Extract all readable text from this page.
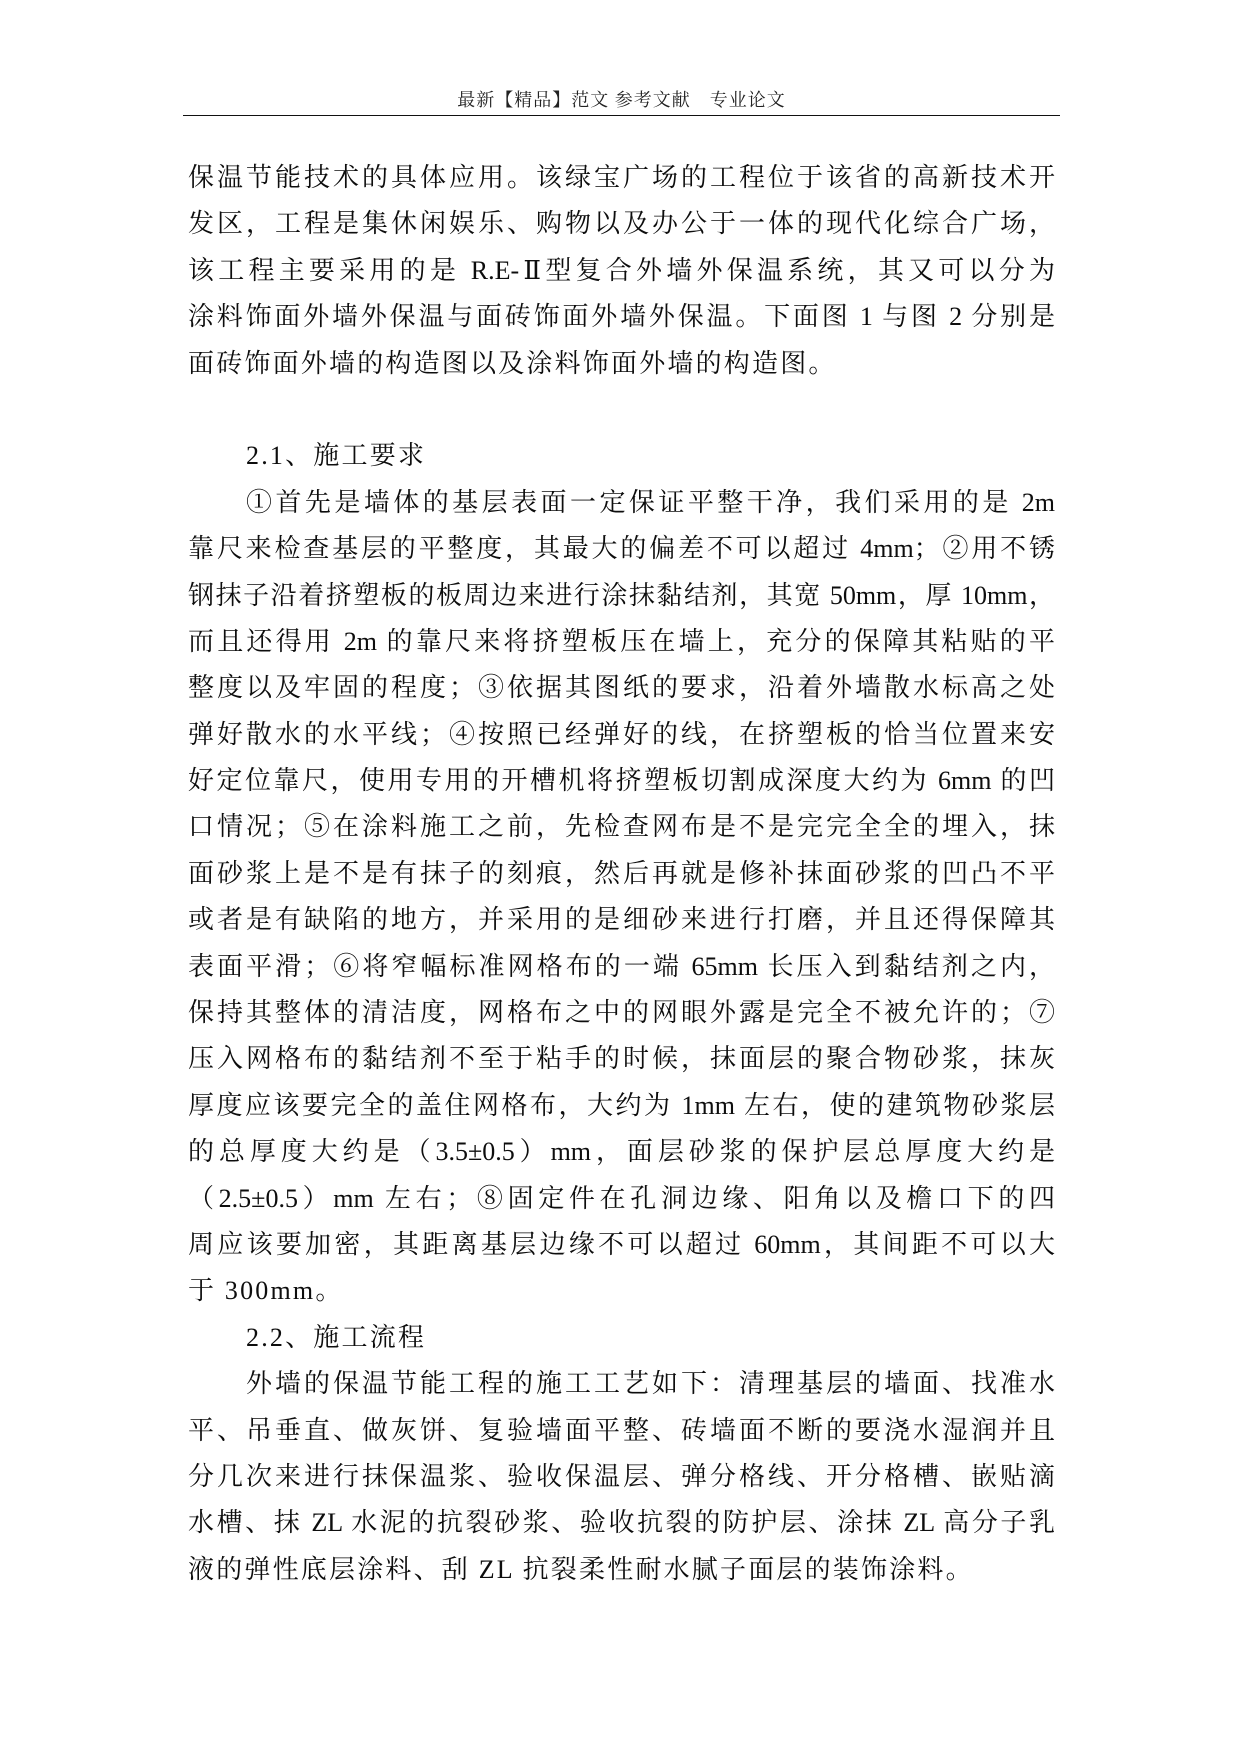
最新【精品】范文 参考文献　专业论文
保温节能技术的具体应用。该绿宝广场的工程位于该省的高新技术开
发区，工程是集休闲娱乐、购物以及办公于一体的现代化综合广场，
该工程主要采用的是 R.E-Ⅱ型复合外墙外保温系统，其又可以分为
涂料饰面外墙外保温与面砖饰面外墙外保温。下面图 1 与图 2 分别是
面砖饰面外墙的构造图以及涂料饰面外墙的构造图。
2.1、施工要求
①首先是墙体的基层表面一定保证平整干净，我们采用的是 2m
靠尺来检查基层的平整度，其最大的偏差不可以超过 4mm；②用不锈
钢抹子沿着挤塑板的板周边来进行涂抹黏结剂，其宽 50mm，厚 10mm，
而且还得用 2m 的靠尺来将挤塑板压在墙上，充分的保障其粘贴的平
整度以及牢固的程度；③依据其图纸的要求，沿着外墙散水标高之处
弹好散水的水平线；④按照已经弹好的线，在挤塑板的恰当位置来安
好定位靠尺，使用专用的开槽机将挤塑板切割成深度大约为 6mm 的凹
口情况；⑤在涂料施工之前，先检查网布是不是完完全全的埋入，抹
面砂浆上是不是有抹子的刻痕，然后再就是修补抹面砂浆的凹凸不平
或者是有缺陷的地方，并采用的是细砂来进行打磨，并且还得保障其
表面平滑；⑥将窄幅标准网格布的一端 65mm 长压入到黏结剂之内，
保持其整体的清洁度，网格布之中的网眼外露是完全不被允许的；⑦
压入网格布的黏结剂不至于粘手的时候，抹面层的聚合物砂浆，抹灰
厚度应该要完全的盖住网格布，大约为 1mm 左右，使的建筑物砂浆层
的总厚度大约是（3.5±0.5）mm，面层砂浆的保护层总厚度大约是
（2.5±0.5）mm 左右；⑧固定件在孔洞边缘、阳角以及檐口下的四
周应该要加密，其距离基层边缘不可以超过 60mm，其间距不可以大
于 300mm。
2.2、施工流程
外墙的保温节能工程的施工工艺如下：清理基层的墙面、找准水
平、吊垂直、做灰饼、复验墙面平整、砖墙面不断的要浇水湿润并且
分几次来进行抹保温浆、验收保温层、弹分格线、开分格槽、嵌贴滴
水槽、抹 ZL 水泥的抗裂砂浆、验收抗裂的防护层、涂抹 ZL 高分子乳
液的弹性底层涂料、刮 ZL 抗裂柔性耐水腻子面层的装饰涂料。
